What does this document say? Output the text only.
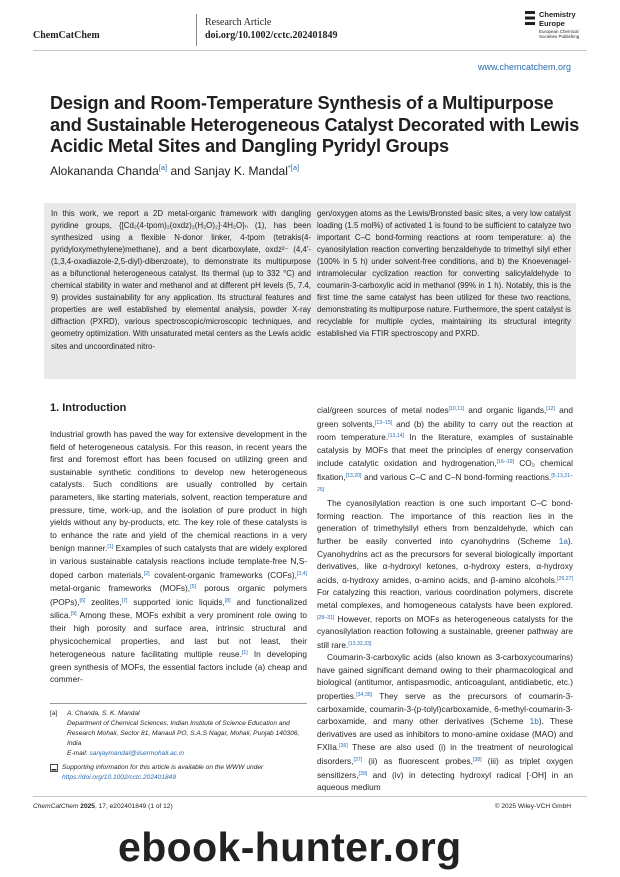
ChemCatChem
Research Article
doi.org/10.1002/cctc.202401849
Chemistry
Europe
European Chemical
Societies Publishing
www.chemcatchem.org
Design and Room-Temperature Synthesis of a Multipurpose and Sustainable Heterogeneous Catalyst Decorated with Lewis Acidic Metal Sites and Dangling Pyridyl Groups
Alokananda Chanda[a] and Sanjay K. Mandal$^{*[a]}$
In this work, we report a 2D metal-organic framework with dangling pyridine groups, {[Cd₂(4-tpom)₂(oxdz)₂(H₂O)₂]·4H₂O}ₙ (1), has been synthesized using a flexible N-donor linker, 4-tpom (tetrakis(4-pyridyloxymethylene)methane), and a bent dicarboxylate, oxdz²⁻ (4,4′-(1,3,4-oxadiazole-2,5-diyl)-dibenzoate), to demonstrate its multipurpose as a bifunctional heterogeneous catalyst. Its thermal (up to 332 °C) and chemical stability in water and methanol and at different pH levels (5, 7.4, 9) provides sustainability for any application. Its structural features and properties are well established by elemental analysis, powder X-ray diffraction (PXRD), various spectroscopic/microscopic techniques, and geometry optimization. With unsaturated metal centers as the Lewis acidic sites and uncoordinated nitro-
gen/oxygen atoms as the Lewis/Bronsted basic sites, a very low catalyst loading (1.5 mol%) of activated 1 is found to be sufficient to catalyze two important C–C bond-forming reactions at room temperature: a) the cyanosilylation reaction converting benzaldehyde to trimethyl silyl ether (100% in 5 h) under solvent-free conditions, and b) the Knoevenagel-intramolecular cyclization reaction for converting salicylaldehyde to coumarin-3-carboxylic acid in methanol (99% in 1 h). Notably, this is the first time the same catalyst has been utilized for these two reactions, demonstrating its multipurpose nature. Furthermore, the spent catalyst is recyclable for multiple cycles, maintaining its structural integrity established via FTIR spectroscopy and PXRD.
1. Introduction

Industrial growth has paved the way for extensive development in the field of heterogeneous catalysis. For this reason, in recent years the first and foremost effort has been focused on utilizing green and sustainable synthetic conditions to develop new heterogeneous catalysts. Such conditions are usually controlled by certain parameters, like starting materials, solvent, reaction temperature and pressure, time, work-up, and the isolation of pure product in high yields without any by-products, etc. The key role of these catalysts is to enhance the rate and yield of the chemical reactions in a very benign manner.[1] Examples of such catalysts that are widely explored in various sustainable catalysis reactions include template-free N,S-doped carbon materials,[2] covalent-organic frameworks (COFs),[3,4] metal-organic frameworks (MOFs),[5] porous organic polymers (POPs),[6] zeolites,[7] supported ionic liquids,[8] and functionalized silica.[9] Among these, MOFs exhibit a very prominent role owing to their high porosity and surface area, intrinsic structural and physicochemical properties, and last but not least, their heterogeneous nature facilitating multiple reuse.[1] In developing green synthesis of MOFs, the essential factors include (a) cheap and commer-

cial/green sources of metal nodes[10,11] and organic ligands,[12] and green solvents,[13–15] and (b) the ability to carry out the reaction at room temperature.[13,14] In the literature, examples of sustainable catalysis by MOFs that meet the principles of energy conservation include catalytic oxidation and hydrogenation,[16–19] CO₂ chemical fixation,[13,20] and various C–C and C–N bond-forming reactions.[5,13,21–25]

The cyanosilylation reaction is one such important C–C bond-forming reaction. The importance of this reaction lies in the generation of trimethylsilyl ethers from benzaldehyde, which can further be easily converted into cyanohydrins (Scheme 1a). Cyanohydrins act as the precursors for several biologically important derivatives, like α-hydroxyl ketones, α-hydroxy esters, α-hydroxy acids, α-hydroxy amides, α-amino acids, and β-amino alcohols.[26,27] For catalyzing this reaction, various coordination polymers, discrete metal complexes, and homogeneous catalysts have been explored.[28–31] However, reports on MOFs as heterogeneous catalysts for the cyanosilylation reaction following a sustainable, greener pathway are still rare.[13,32,33]

Coumarin-3-carboxylic acids (also known as 3-carboxycoumarins) have gained significant demand owing to their pharmacological and biological (antitumor, antispasmodic, anticoagulant, antidiabetic, etc.) properties.[34,35] They serve as the precursors of coumarin-3-carboxamide, coumarin-3-(p-tolyl)carboxamide, 6-methyl-coumarin-3-carboxamide, and many other derivatives (Scheme 1b). These derivatives are used as inhibitors to mono-amine oxidase (MAO) and FXIIa.[36] These are also used (i) in the treatment of neurological disorders,[37] (ii) as fluorescent probes,[38] (iii) as triplet oxygen sensitizers,[39] and (iv) in detecting hydroxyl radical [·OH] in an aqueous medium

[a] A. Chanda, S. K. Mandal
Department of Chemical Sciences, Indian Institute of Science Education and Research Mohali, Sector 81, Manauli PO, S.A.S Nagar, Mohali, Punjab 140306, India
E-mail: sanjaymandal@iisermohali.ac.in
Supporting information for this article is available on the WWW under
https://doi.org/10.1002/cctc.202401849
ChemCatChem 2025, 17, e202401849 (1 of 12)	© 2025 Wiley-VCH GmbH
ebook-hunter.org
